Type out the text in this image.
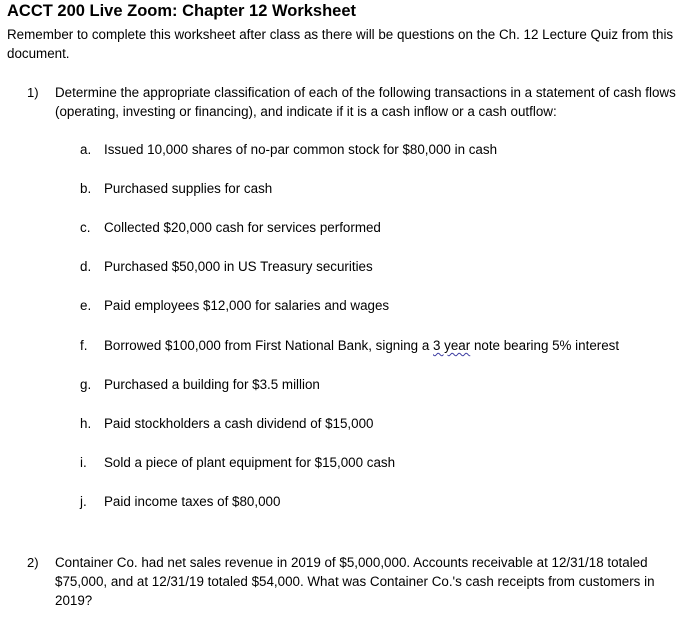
ACCT 200 Live Zoom: Chapter 12 Worksheet
Remember to complete this worksheet after class as there will be questions on the Ch. 12 Lecture Quiz from this document.
1) Determine the appropriate classification of each of the following transactions in a statement of cash flows (operating, investing or financing), and indicate if it is a cash inflow or a cash outflow:
a. Issued 10,000 shares of no-par common stock for $80,000 in cash
b. Purchased supplies for cash
c. Collected $20,000 cash for services performed
d. Purchased $50,000 in US Treasury securities
e. Paid employees $12,000 for salaries and wages
f. Borrowed $100,000 from First National Bank, signing a 3 year note bearing 5% interest
g. Purchased a building for $3.5 million
h. Paid stockholders a cash dividend of $15,000
i. Sold a piece of plant equipment for $15,000 cash
j. Paid income taxes of $80,000
2) Container Co. had net sales revenue in 2019 of $5,000,000. Accounts receivable at 12/31/18 totaled $75,000, and at 12/31/19 totaled $54,000. What was Container Co.'s cash receipts from customers in 2019?
